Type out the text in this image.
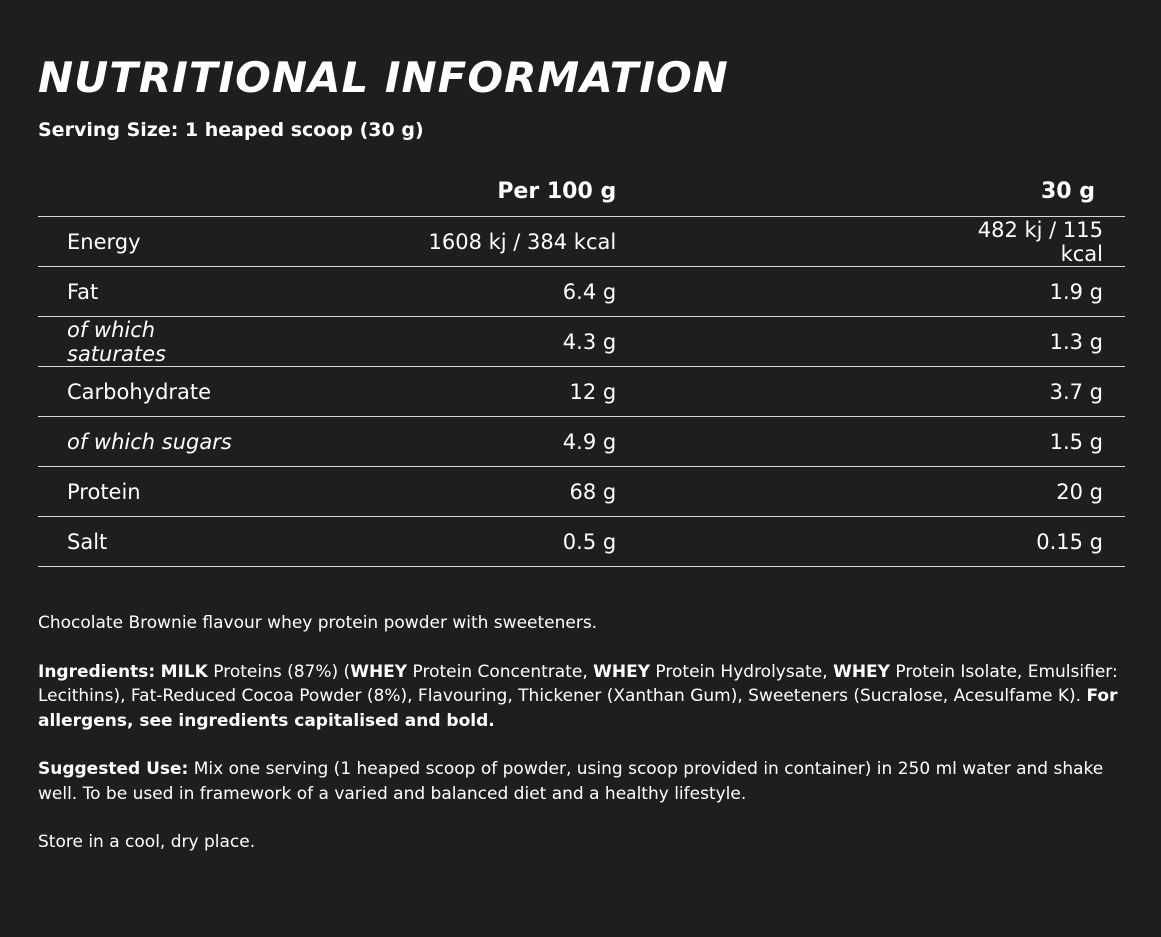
NUTRITIONAL INFORMATION
Serving Size: 1 heaped scoop (30 g)
	Per 100 g	30 g
Energy	1608 kj / 384 kcal	482 kj / 115 kcal
Fat	6.4 g	1.9 g
of which saturates	4.3 g	1.3 g
Carbohydrate	12 g	3.7 g
of which sugars	4.9 g	1.5 g
Protein	68 g	20 g
Salt	0.5 g	0.15 g

Chocolate Brownie flavour whey protein powder with sweeteners.

Ingredients: MILK Proteins (87%) (WHEY Protein Concentrate, WHEY Protein Hydrolysate, WHEY Protein Isolate, Emulsifier: Lecithins), Fat-Reduced Cocoa Powder (8%), Flavouring, Thickener (Xanthan Gum), Sweeteners (Sucralose, Acesulfame K). For allergens, see ingredients capitalised and bold.

Suggested Use: Mix one serving (1 heaped scoop of powder, using scoop provided in container) in 250 ml water and shake well. To be used in framework of a varied and balanced diet and a healthy lifestyle.

Store in a cool, dry place.
